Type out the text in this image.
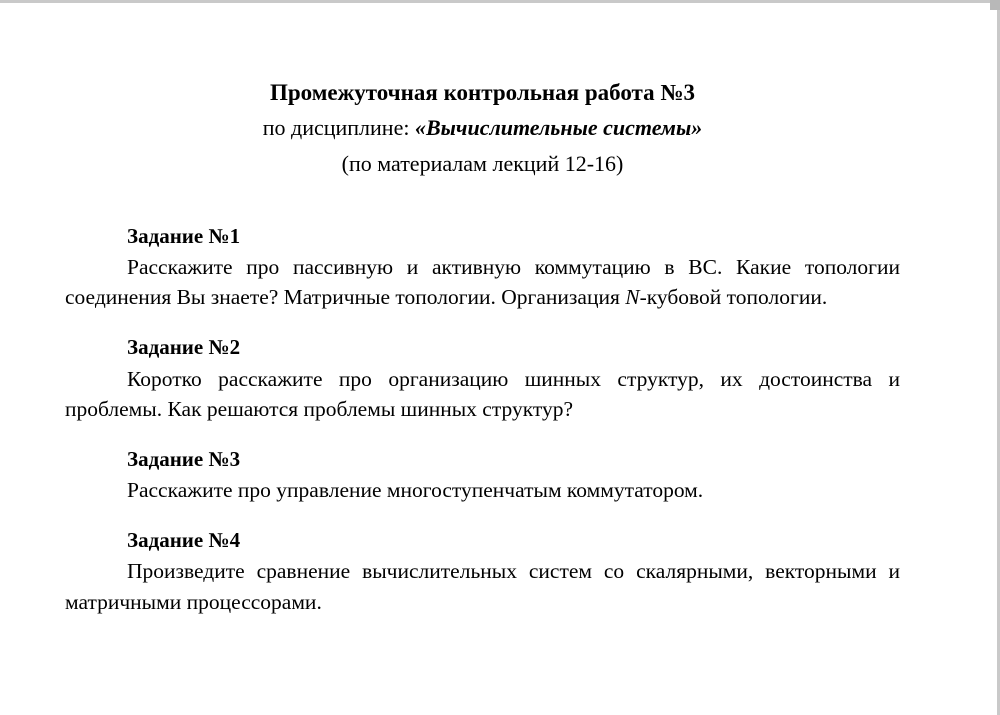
Промежуточная контрольная работа №3

по дисциплине: «Вычислительные системы»

(по материалам лекций 12-16)

Задание №1

Расскажите про пассивную и активную коммутацию в ВС. Какие топологии соединения Вы знаете? Матричные топологии. Организация N-кубовой топологии.

Задание №2

Коротко расскажите про организацию шинных структур, их достоинства и проблемы. Как решаются проблемы шинных структур?

Задание №3

Расскажите про управление многоступенчатым коммутатором.

Задание №4

Произведите сравнение вычислительных систем со скалярными, векторными и матричными процессорами.
